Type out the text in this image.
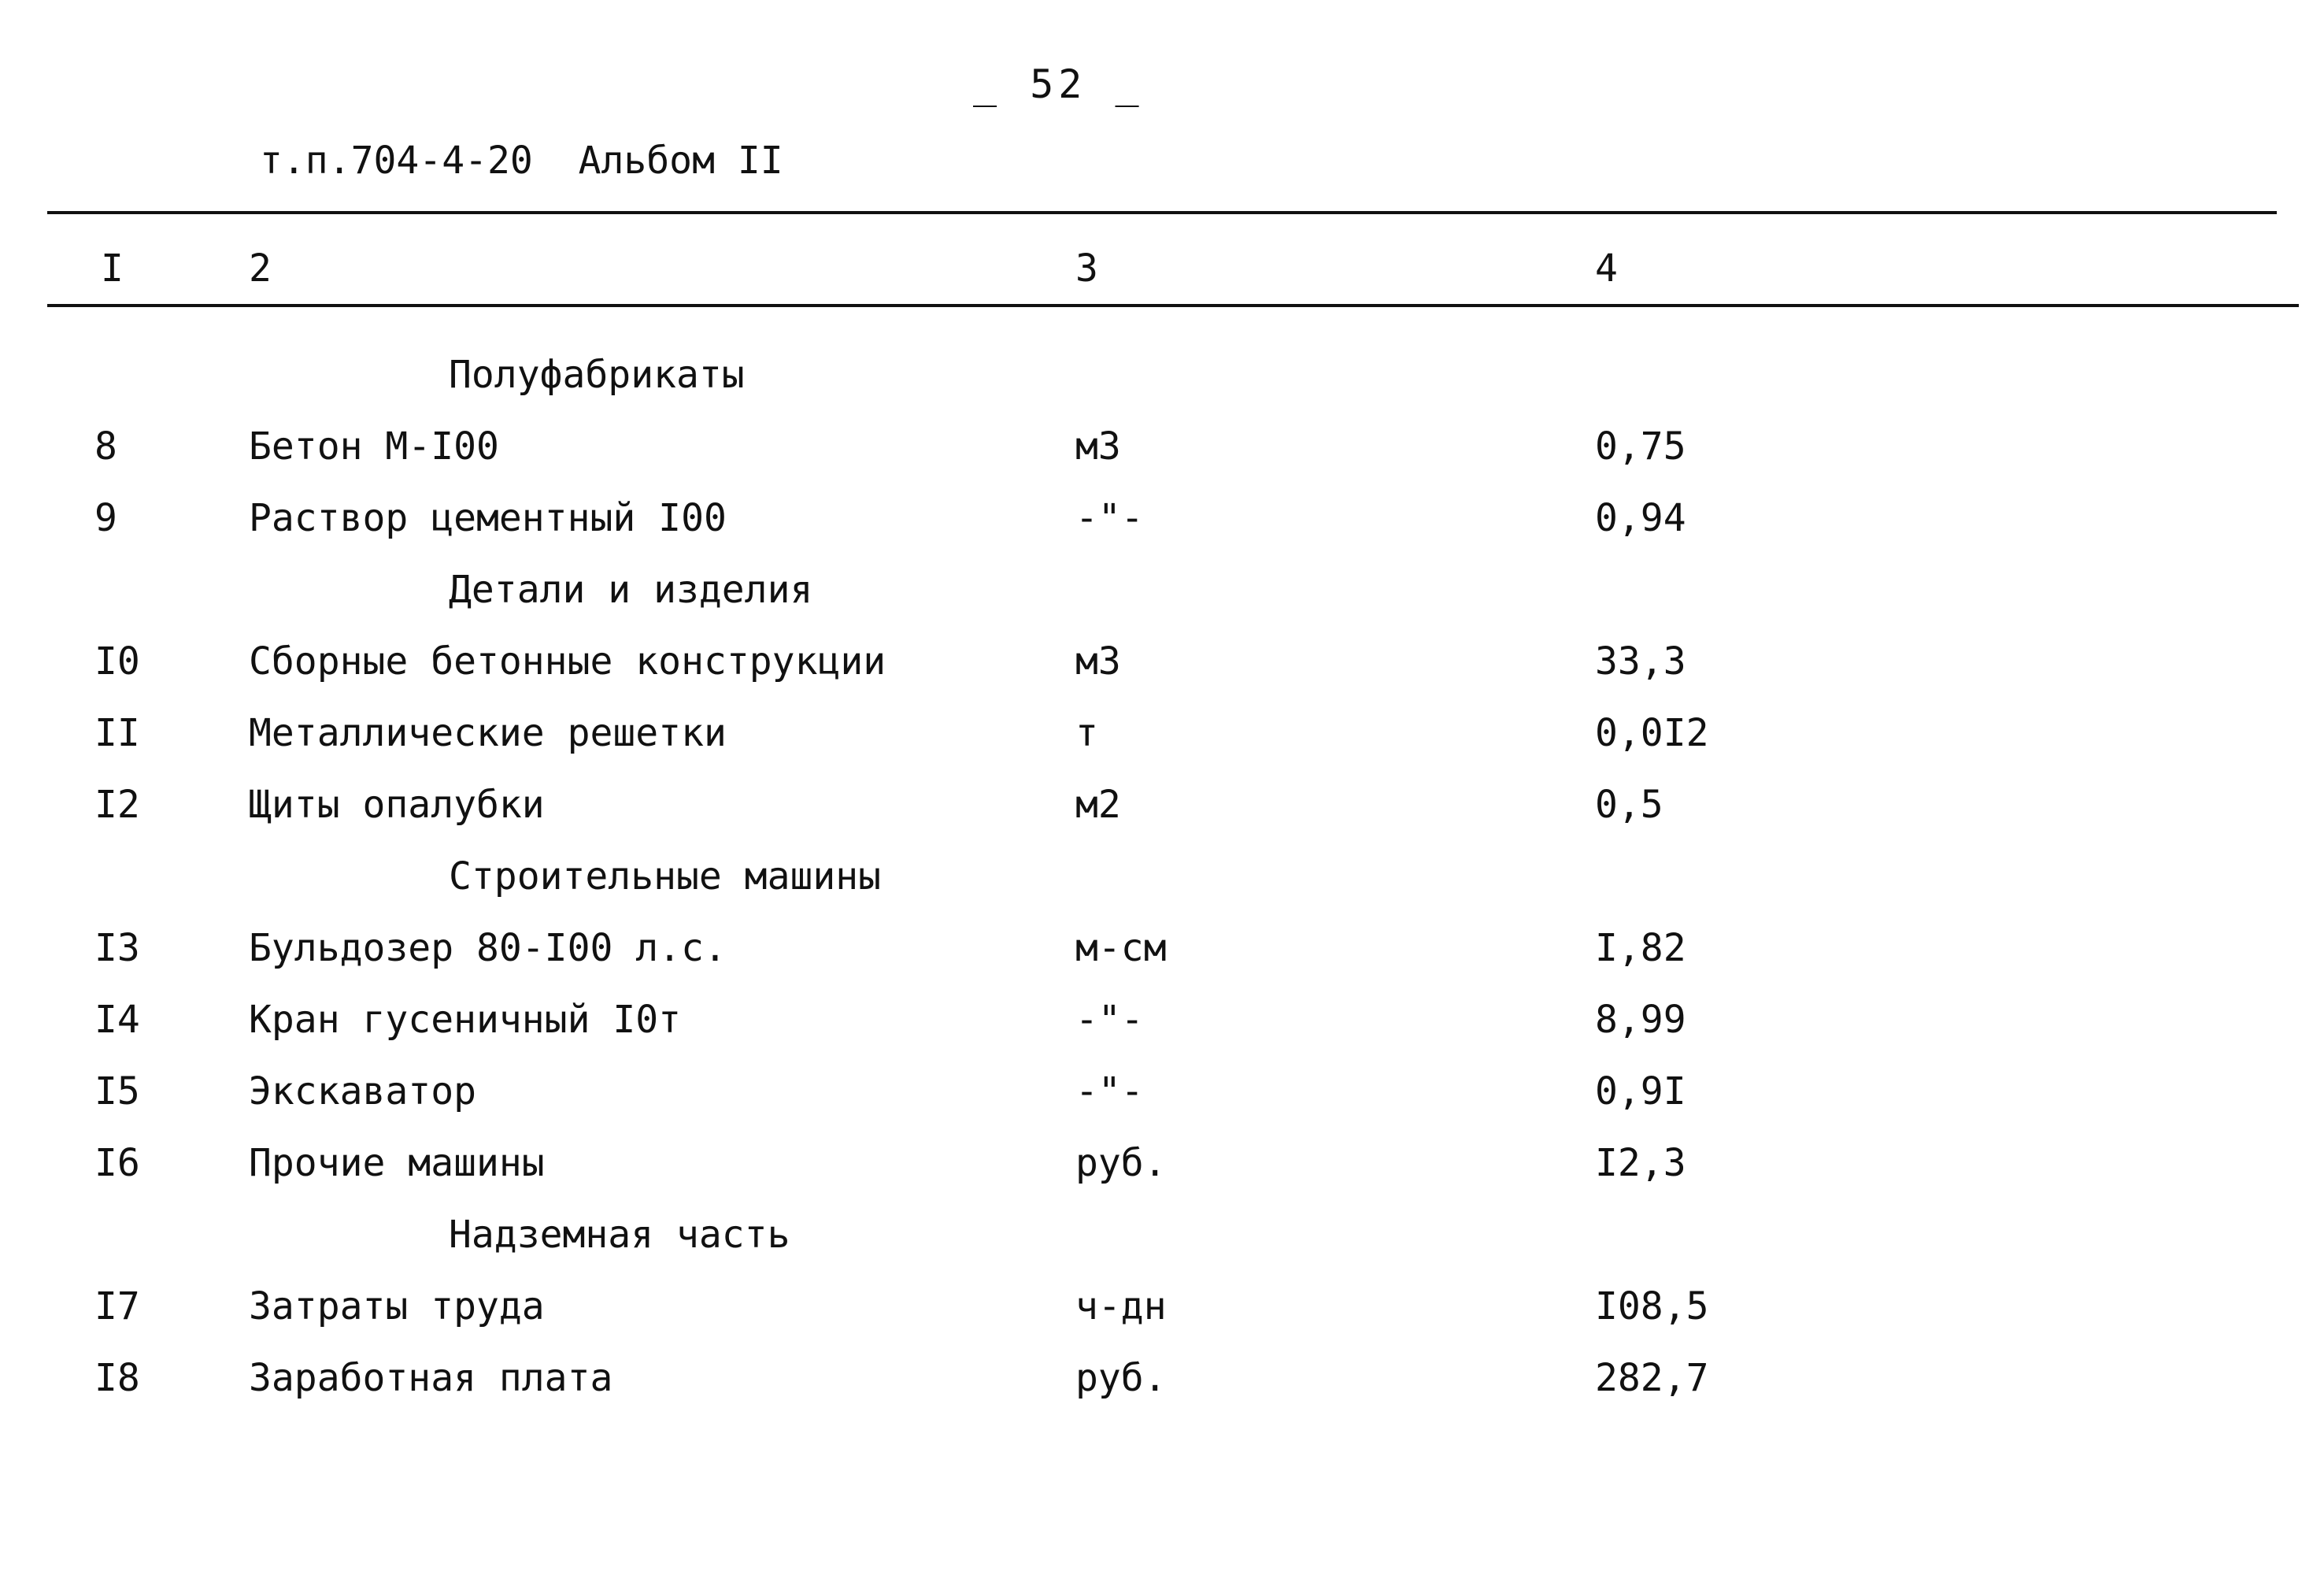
_ 52 _
т.п.704-4-20  Альбом II
I	2	3	4
Полуфабрикаты
8	Бетон М-I00	м3	0,75
9	Раствор цементный I00	-"-	0,94
Детали и изделия
I0	Сборные бетонные конструкции	м3	33,3
II	Металлические решетки	т	0,0I2
I2	Щиты опалубки	м2	0,5
Строительные машины
I3	Бульдозер 80-I00 л.с.	м-см	I,82
I4	Кран гусеничный I0т	-"-	8,99
I5	Экскаватор	-"-	0,9I
I6	Прочие машины	руб.	I2,3
Надземная часть
I7	Затраты труда	ч-дн	I08,5
I8	Заработная плата	руб.	282,7
